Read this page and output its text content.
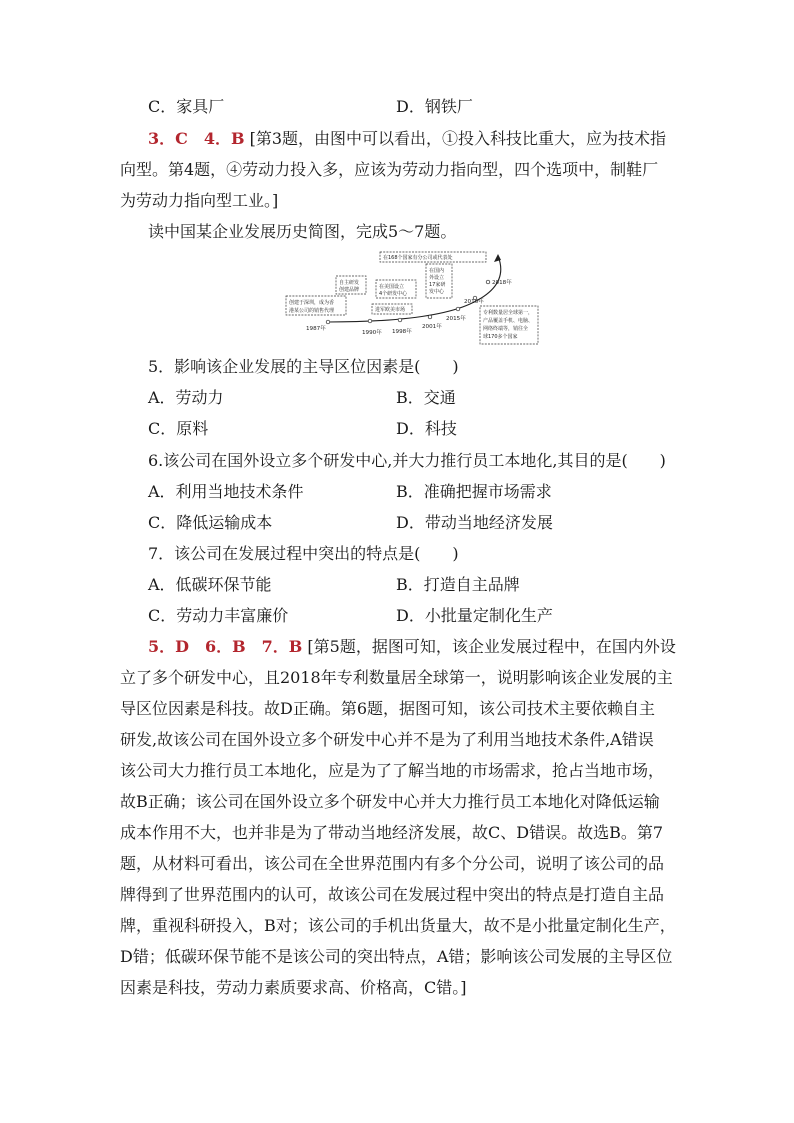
C．家具厂	D．钢铁厂
3．C　4．B [第3题，由图中可以看出，①投入科技比重大，应为技术指
向型。第4题，④劳动力投入多，应该为劳动力指向型，四个选项中，制鞋厂
为劳动力指向型工业。]
读中国某企业发展历史简图，完成5～7题。
1987年
1990年 1998年
2001年
2015年
2016年
2018年
创建于深圳，成为香
港某公司的销售代理
自主研发
创建品牌
进军欧美市场
在美国设立
4个研发中心
在国内
外设立
17家研
发中心
在168个国家有分公司或代表处
专利数量居全球第一，
产品覆盖手机、电脑、
网络终端等，销往全
球170多个国家
5．影响该企业发展的主导区位因素是(　　)
A．劳动力	B．交通
C．原料	D．科技
6.该公司在国外设立多个研发中心,并大力推行员工本地化,其目的是(　　)
A．利用当地技术条件	B．准确把握市场需求
C．降低运输成本	D．带动当地经济发展
7．该公司在发展过程中突出的特点是(　　)
A．低碳环保节能	B．打造自主品牌
C．劳动力丰富廉价	D．小批量定制化生产
5．D　6．B　7．B [第5题，据图可知，该企业发展过程中，在国内外设
立了多个研发中心，且2018年专利数量居全球第一，说明影响该企业发展的主
导区位因素是科技。故D正确。第6题，据图可知，该公司技术主要依赖自主
研发,故该公司在国外设立多个研发中心并不是为了利用当地技术条件,A错误
该公司大力推行员工本地化，应是为了了解当地的市场需求，抢占当地市场，
故B正确；该公司在国外设立多个研发中心并大力推行员工本地化对降低运输
成本作用不大，也并非是为了带动当地经济发展，故C、D错误。故选B。第7
题，从材料可看出，该公司在全世界范围内有多个分公司，说明了该公司的品
牌得到了世界范围内的认可，故该公司在发展过程中突出的特点是打造自主品
牌，重视科研投入，B对；该公司的手机出货量大，故不是小批量定制化生产，
D错；低碳环保节能不是该公司的突出特点，A错；影响该公司发展的主导区位
因素是科技，劳动力素质要求高、价格高，C错。]
